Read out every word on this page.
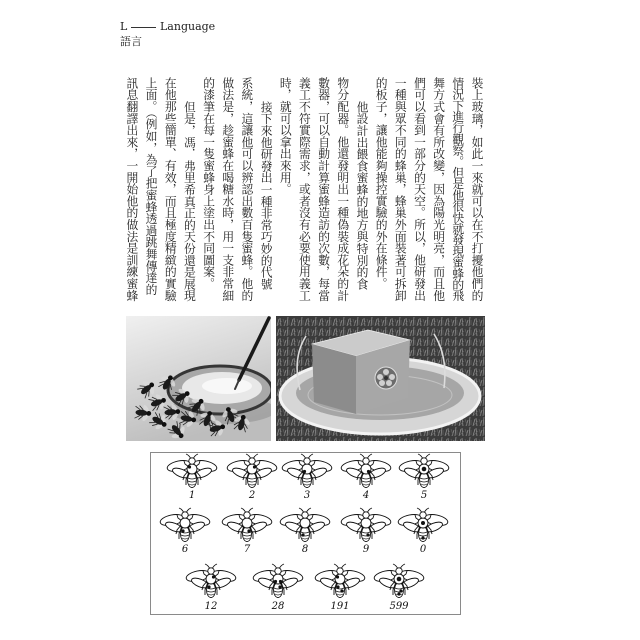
L	Language
語言
裝上玻璃，如此一來就可以在不打擾他們的
情況下進行觀察。但是他很快就發現蜜蜂的飛
舞方式會有所改變，因為陽光明亮，而且他
們可以看到一部分的天空。所以，他研發出
一種與眾不同的蜂巢，蜂巢外面裝著可拆卸
的板子，讓他能夠操控實驗的外在條件。
他設計出餵食蜜蜂的地方與特別的食
物分配器。他還發明出一種偽裝成花朵的計
數器，可以自動計算蜜蜂造訪的次數，每當
義工不符實際需求，或者沒有必要使用義工
時，就可以拿出來用。
接下來他研發出一種非常巧妙的代號
系統，這讓他可以辨認出數百隻蜜蜂。他的
做法是，趁蜜蜂在喝糖水時，用一支非常細
的漆筆在每一隻蜜蜂身上塗出不同圖案。
但是，馮．弗里希真正的天份還是展現
在他那些簡單、有效，而且極度精緻的實驗
上面。（例如，為了把蜜蜂透過跳舞傳達的
訊息翻譯出來，一開始他的做法是訓練蜜蜂
1	2	3	4	5
6	7	8	9	0
12	28	191	599
